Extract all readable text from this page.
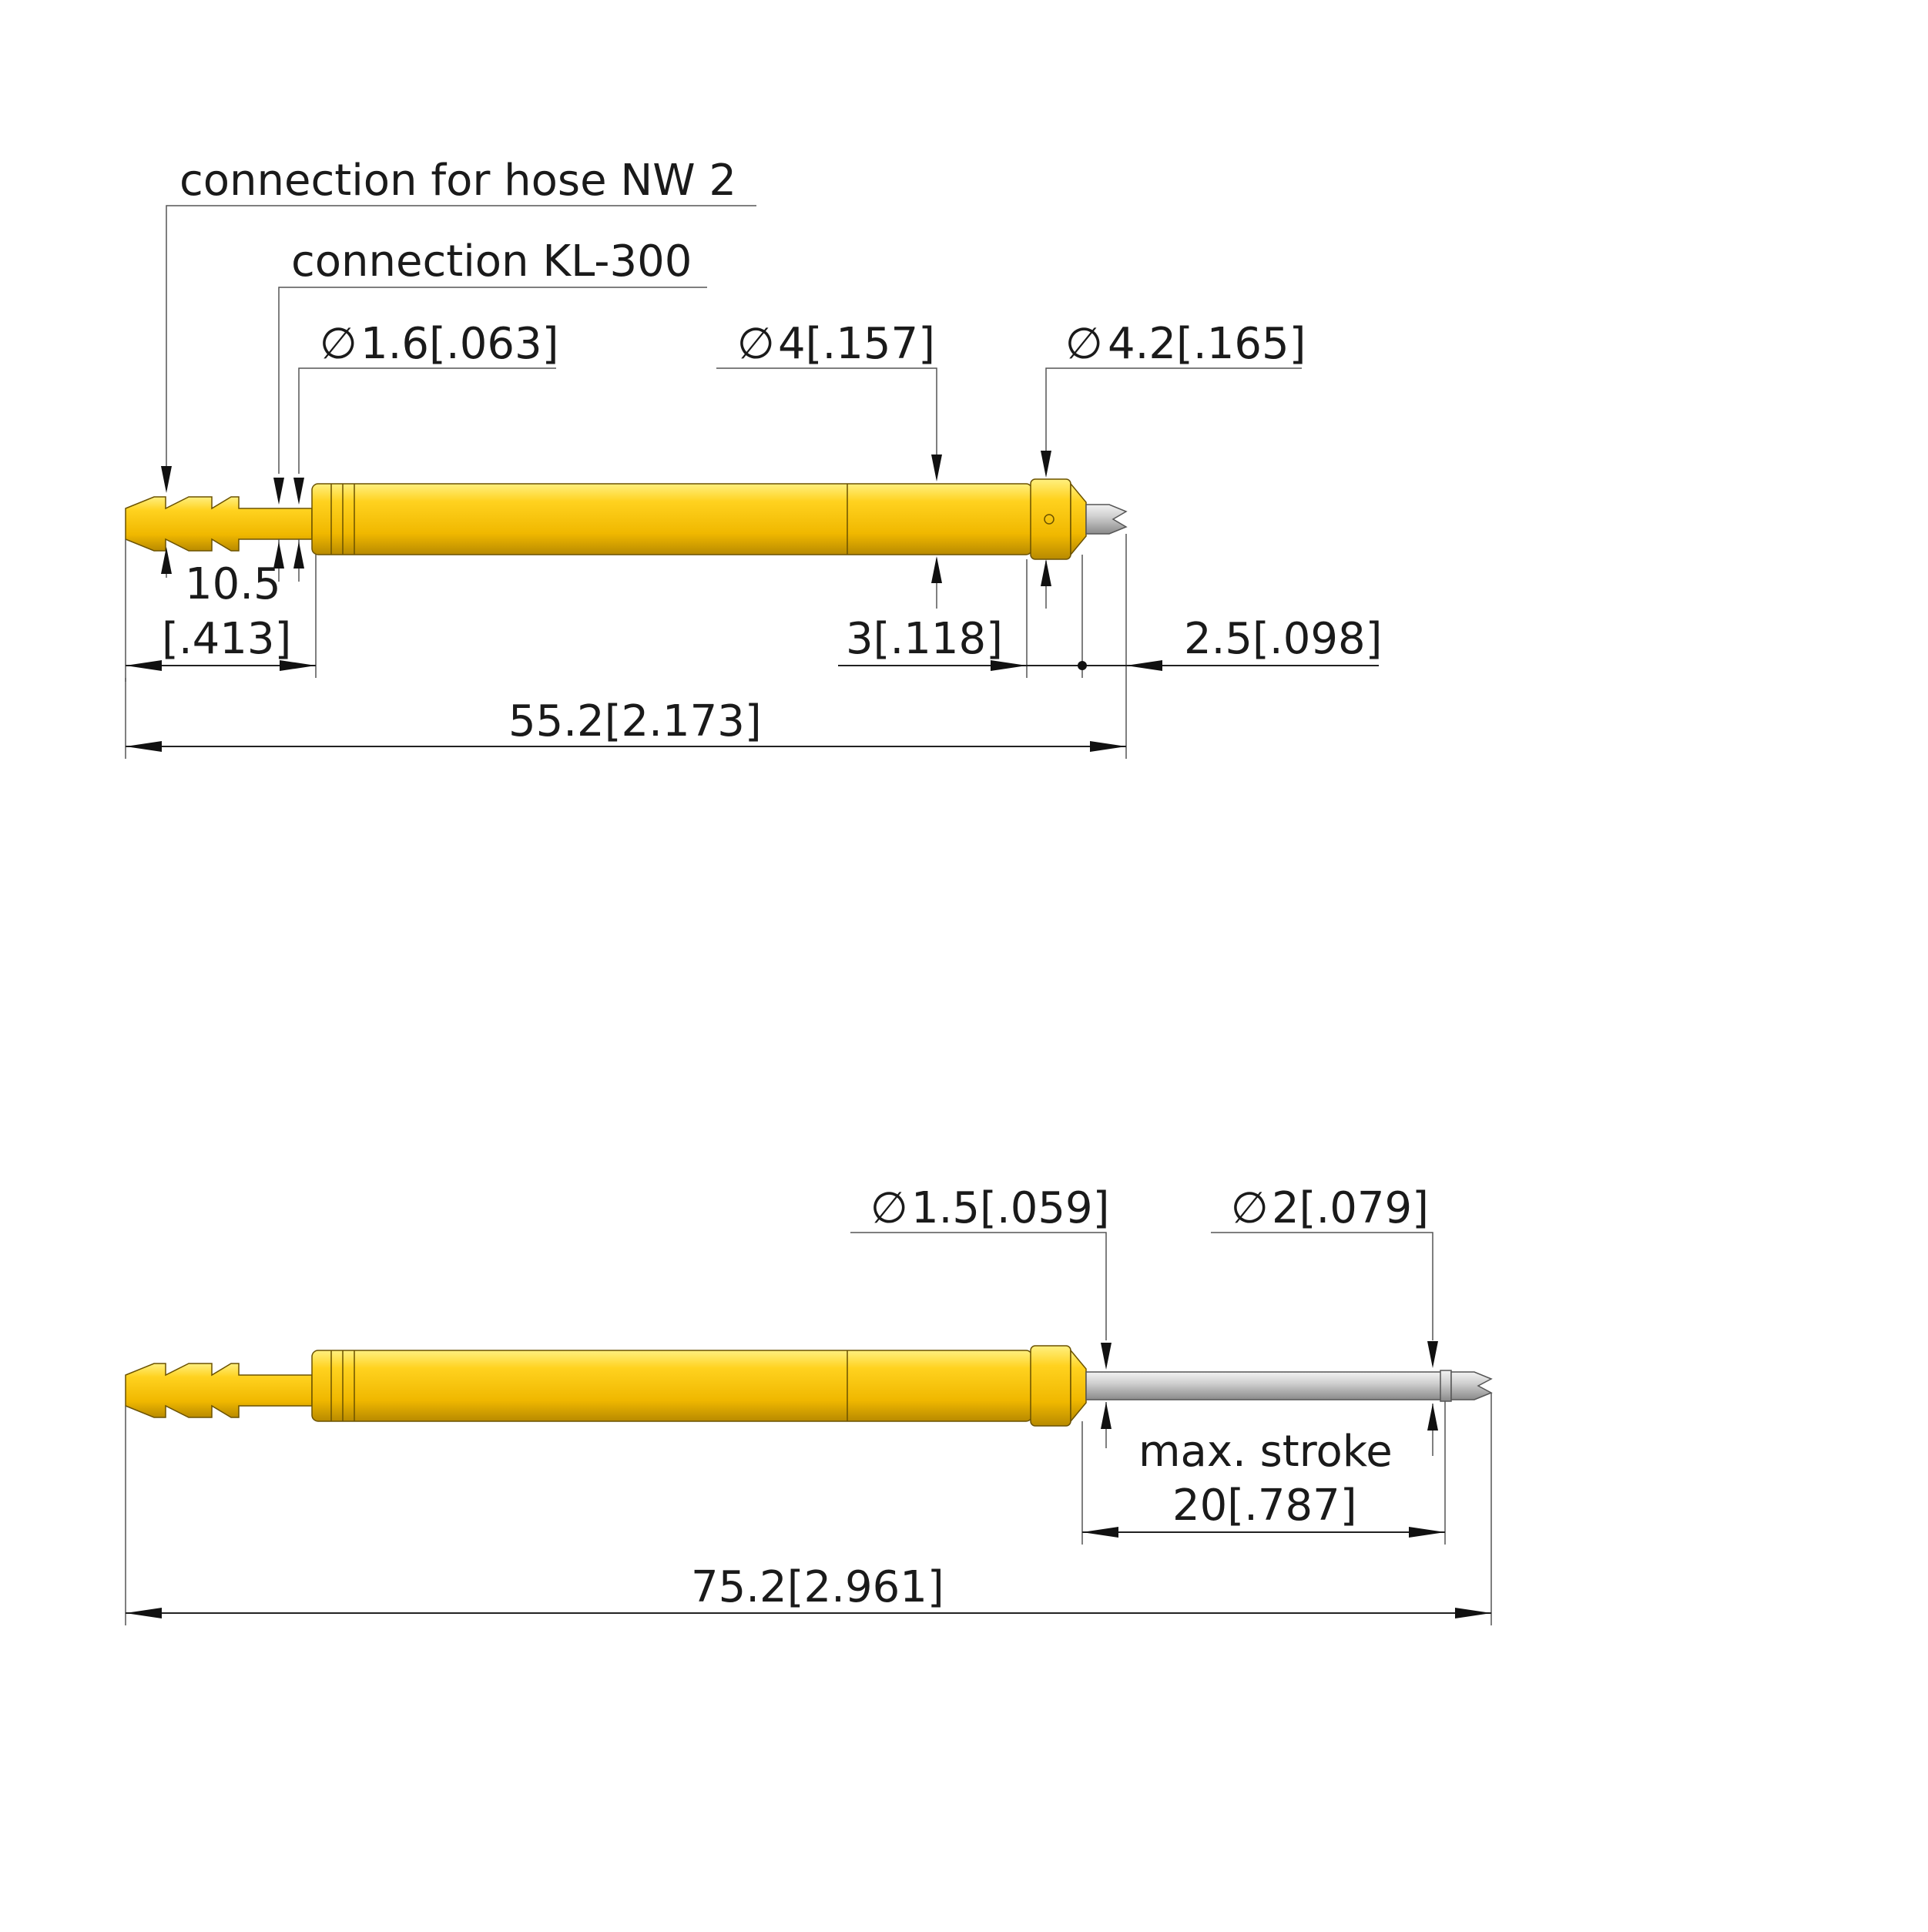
connection for hose NW 2
connection KL-300
∅ 1.6[.063]	∅ 4[.157]	∅ 4.2[.165]
10.5
[.413]	3[.118]	2.5[.098]
55.2[2.173]
∅ 1.5[.059]	∅ 2[.079]
max. stroke
20[.787]
75.2[2.961]
